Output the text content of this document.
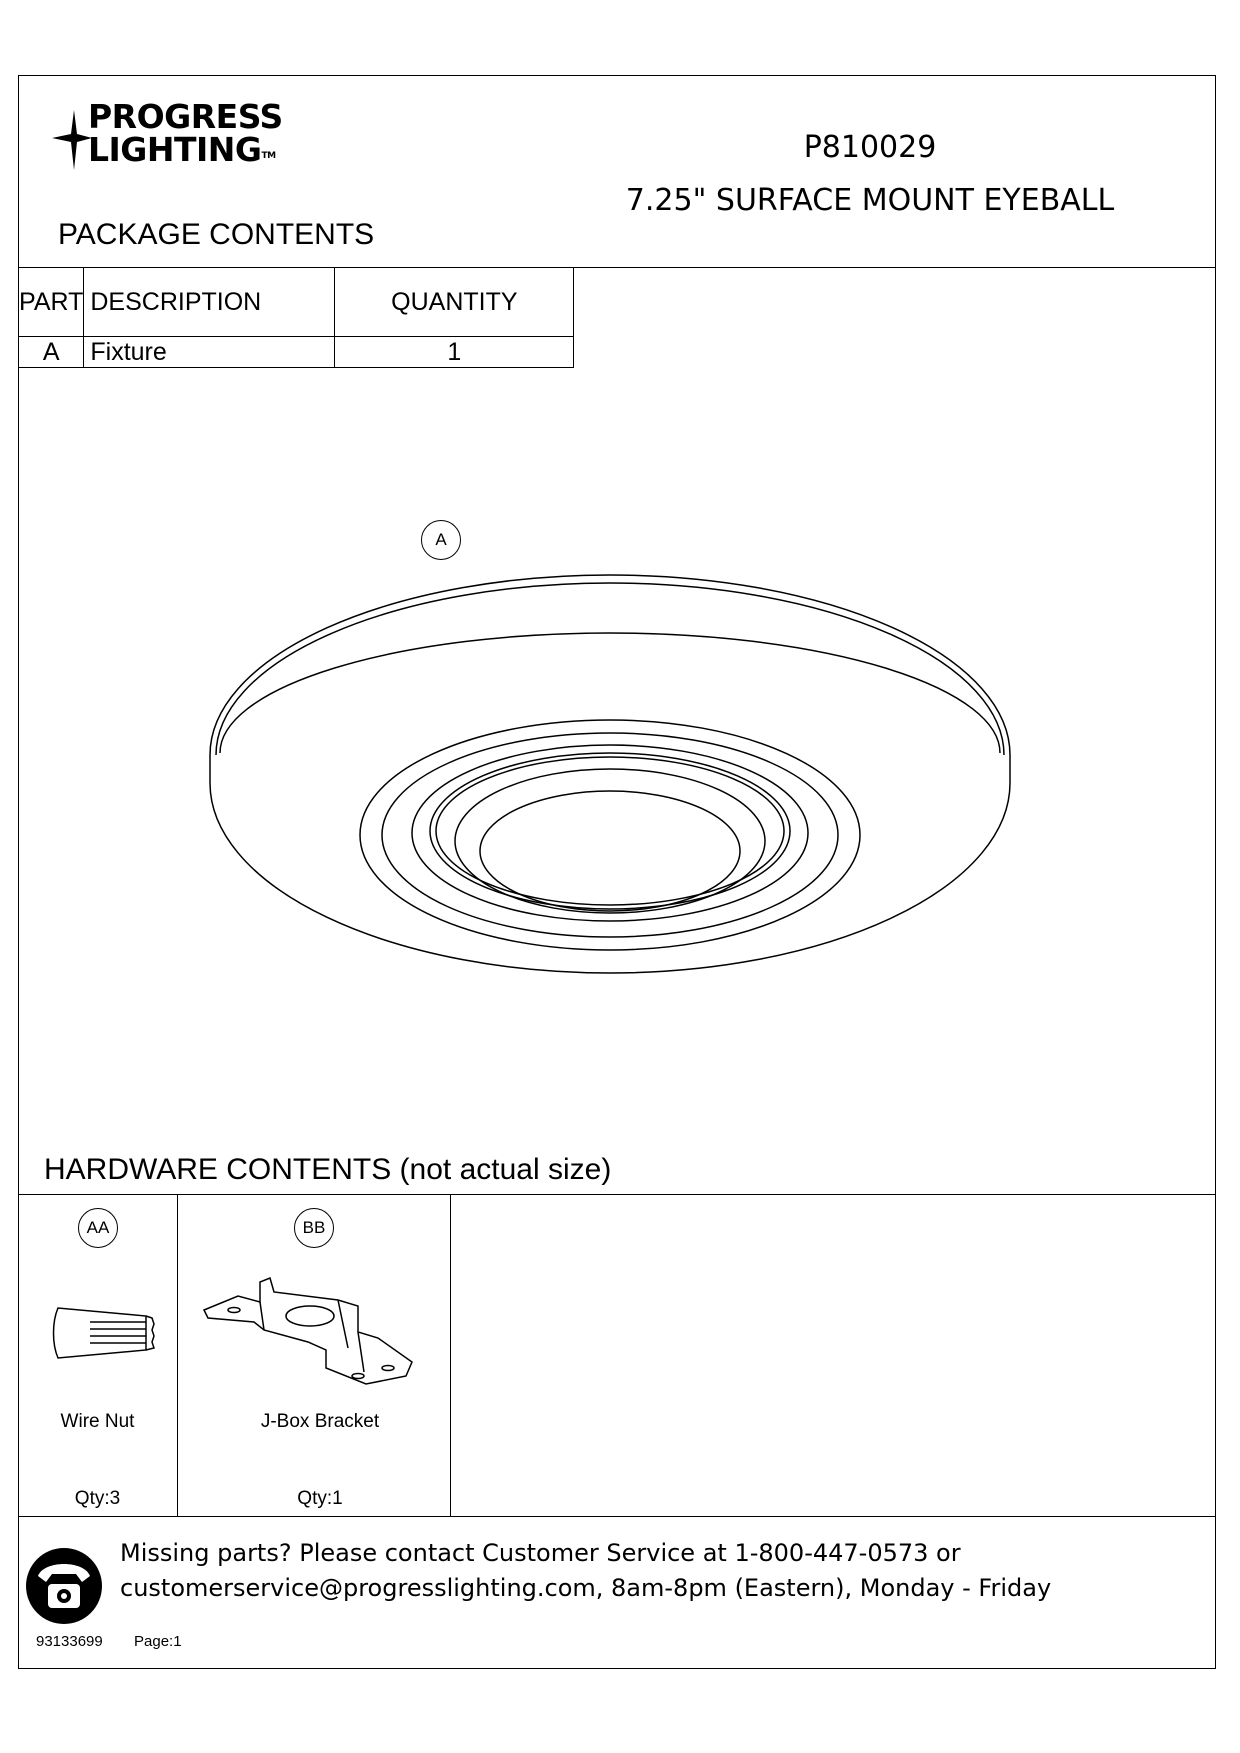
PROGRESS
LIGHTING™	P810029
7.25" SURFACE MOUNT EYEBALL
PACKAGE CONTENTS
PART	DESCRIPTION	QUANTITY
A	Fixture	1
A
HARDWARE CONTENTS (not actual size)
AA
Wire Nut
Qty:3
BB
J-Box Bracket
Qty:1
Missing parts? Please contact Customer Service at 1-800-447-0573 or
customerservice@progresslighting.com, 8am-8pm (Eastern), Monday - Friday
93133699 Page:1
